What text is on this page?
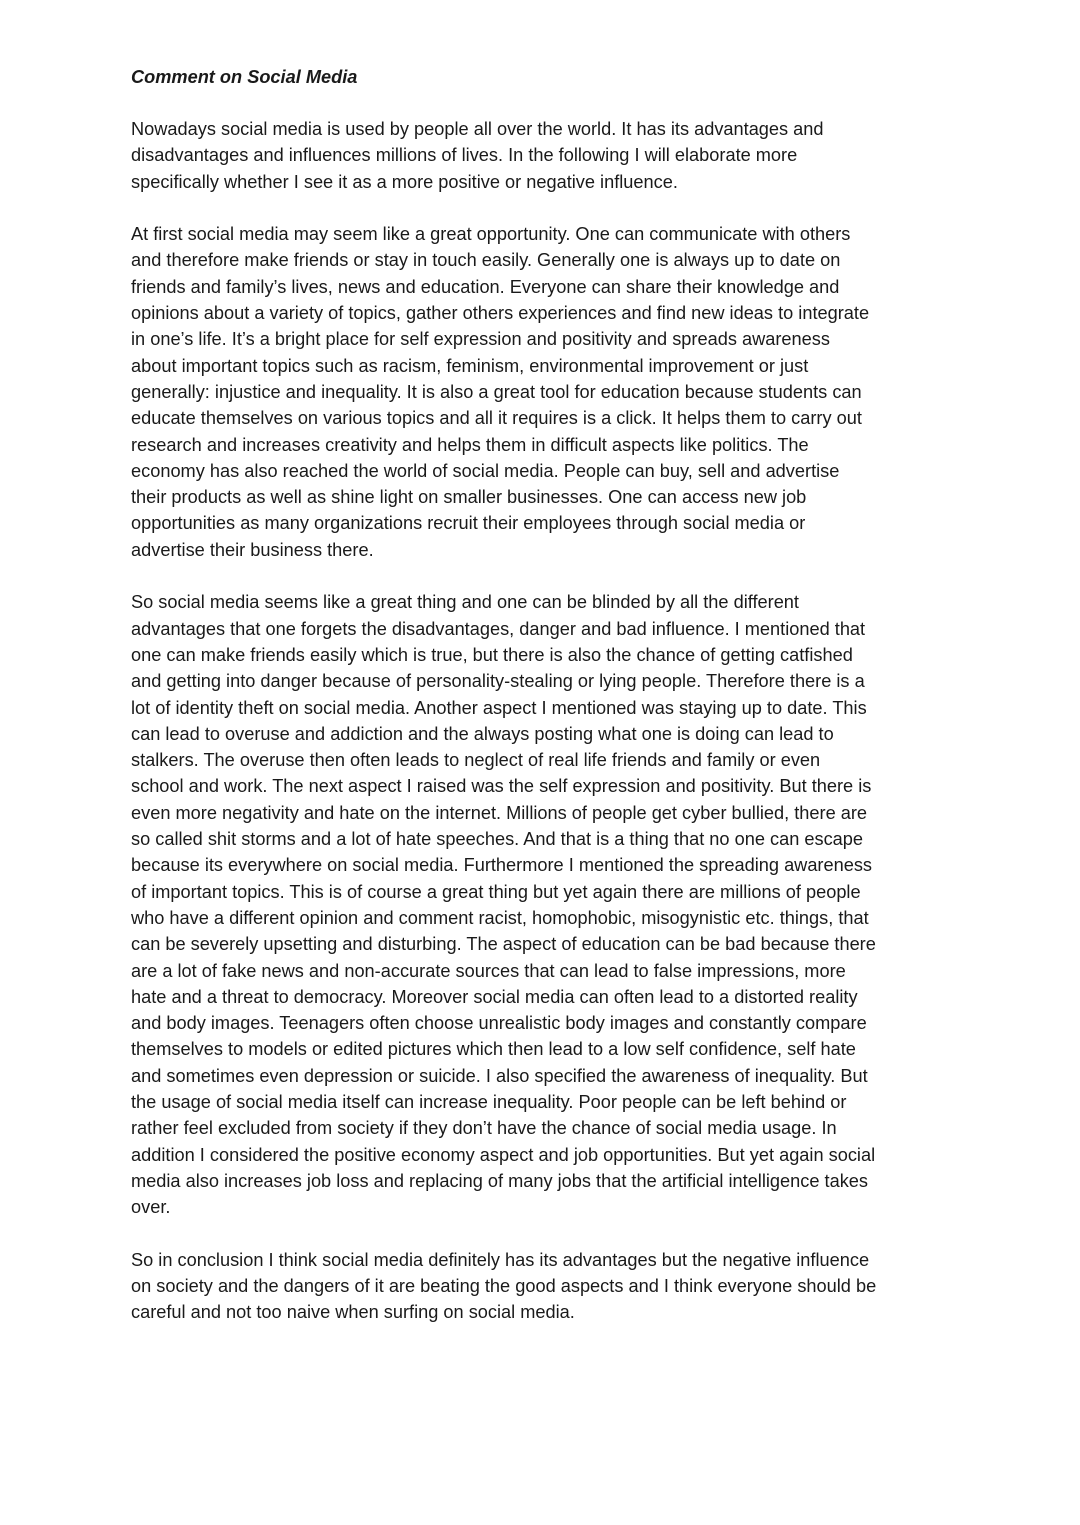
Comment on Social Media

Nowadays social media is used by people all over the world. It has its advantages and
disadvantages and influences millions of lives. In the following I will elaborate more
specifically whether I see it as a more positive or negative influence.

At first social media may seem like a great opportunity. One can communicate with others
and therefore make friends or stay in touch easily. Generally one is always up to date on
friends and family’s lives, news and education. Everyone can share their knowledge and
opinions about a variety of topics, gather others experiences and find new ideas to integrate
in one’s life. It’s a bright place for self expression and positivity and spreads awareness
about important topics such as racism, feminism, environmental improvement or just
generally: injustice and inequality. It is also a great tool for education because students can
educate themselves on various topics and all it requires is a click. It helps them to carry out
research and increases creativity and helps them in difficult aspects like politics. The
economy has also reached the world of social media. People can buy, sell and advertise
their products as well as shine light on smaller businesses. One can access new job
opportunities as many organizations recruit their employees through social media or
advertise their business there.

So social media seems like a great thing and one can be blinded by all the different
advantages that one forgets the disadvantages, danger and bad influence. I mentioned that
one can make friends easily which is true, but there is also the chance of getting catfished
and getting into danger because of personality-stealing or lying people. Therefore there is a
lot of identity theft on social media. Another aspect I mentioned was staying up to date. This
can lead to overuse and addiction and the always posting what one is doing can lead to
stalkers. The overuse then often leads to neglect of real life friends and family or even
school and work. The next aspect I raised was the self expression and positivity. But there is
even more negativity and hate on the internet. Millions of people get cyber bullied, there are
so called shit storms and a lot of hate speeches. And that is a thing that no one can escape
because its everywhere on social media. Furthermore I mentioned the spreading awareness
of important topics. This is of course a great thing but yet again there are millions of people
who have a different opinion and comment racist, homophobic, misogynistic etc. things, that
can be severely upsetting and disturbing. The aspect of education can be bad because there
are a lot of fake news and non-accurate sources that can lead to false impressions, more
hate and a threat to democracy. Moreover social media can often lead to a distorted reality
and body images. Teenagers often choose unrealistic body images and constantly compare
themselves to models or edited pictures which then lead to a low self confidence, self hate
and sometimes even depression or suicide. I also specified the awareness of inequality. But
the usage of social media itself can increase inequality. Poor people can be left behind or
rather feel excluded from society if they don’t have the chance of social media usage. In
addition I considered the positive economy aspect and job opportunities. But yet again social
media also increases job loss and replacing of many jobs that the artificial intelligence takes
over.

So in conclusion I think social media definitely has its advantages but the negative influence
on society and the dangers of it are beating the good aspects and I think everyone should be
careful and not too naive when surfing on social media.
